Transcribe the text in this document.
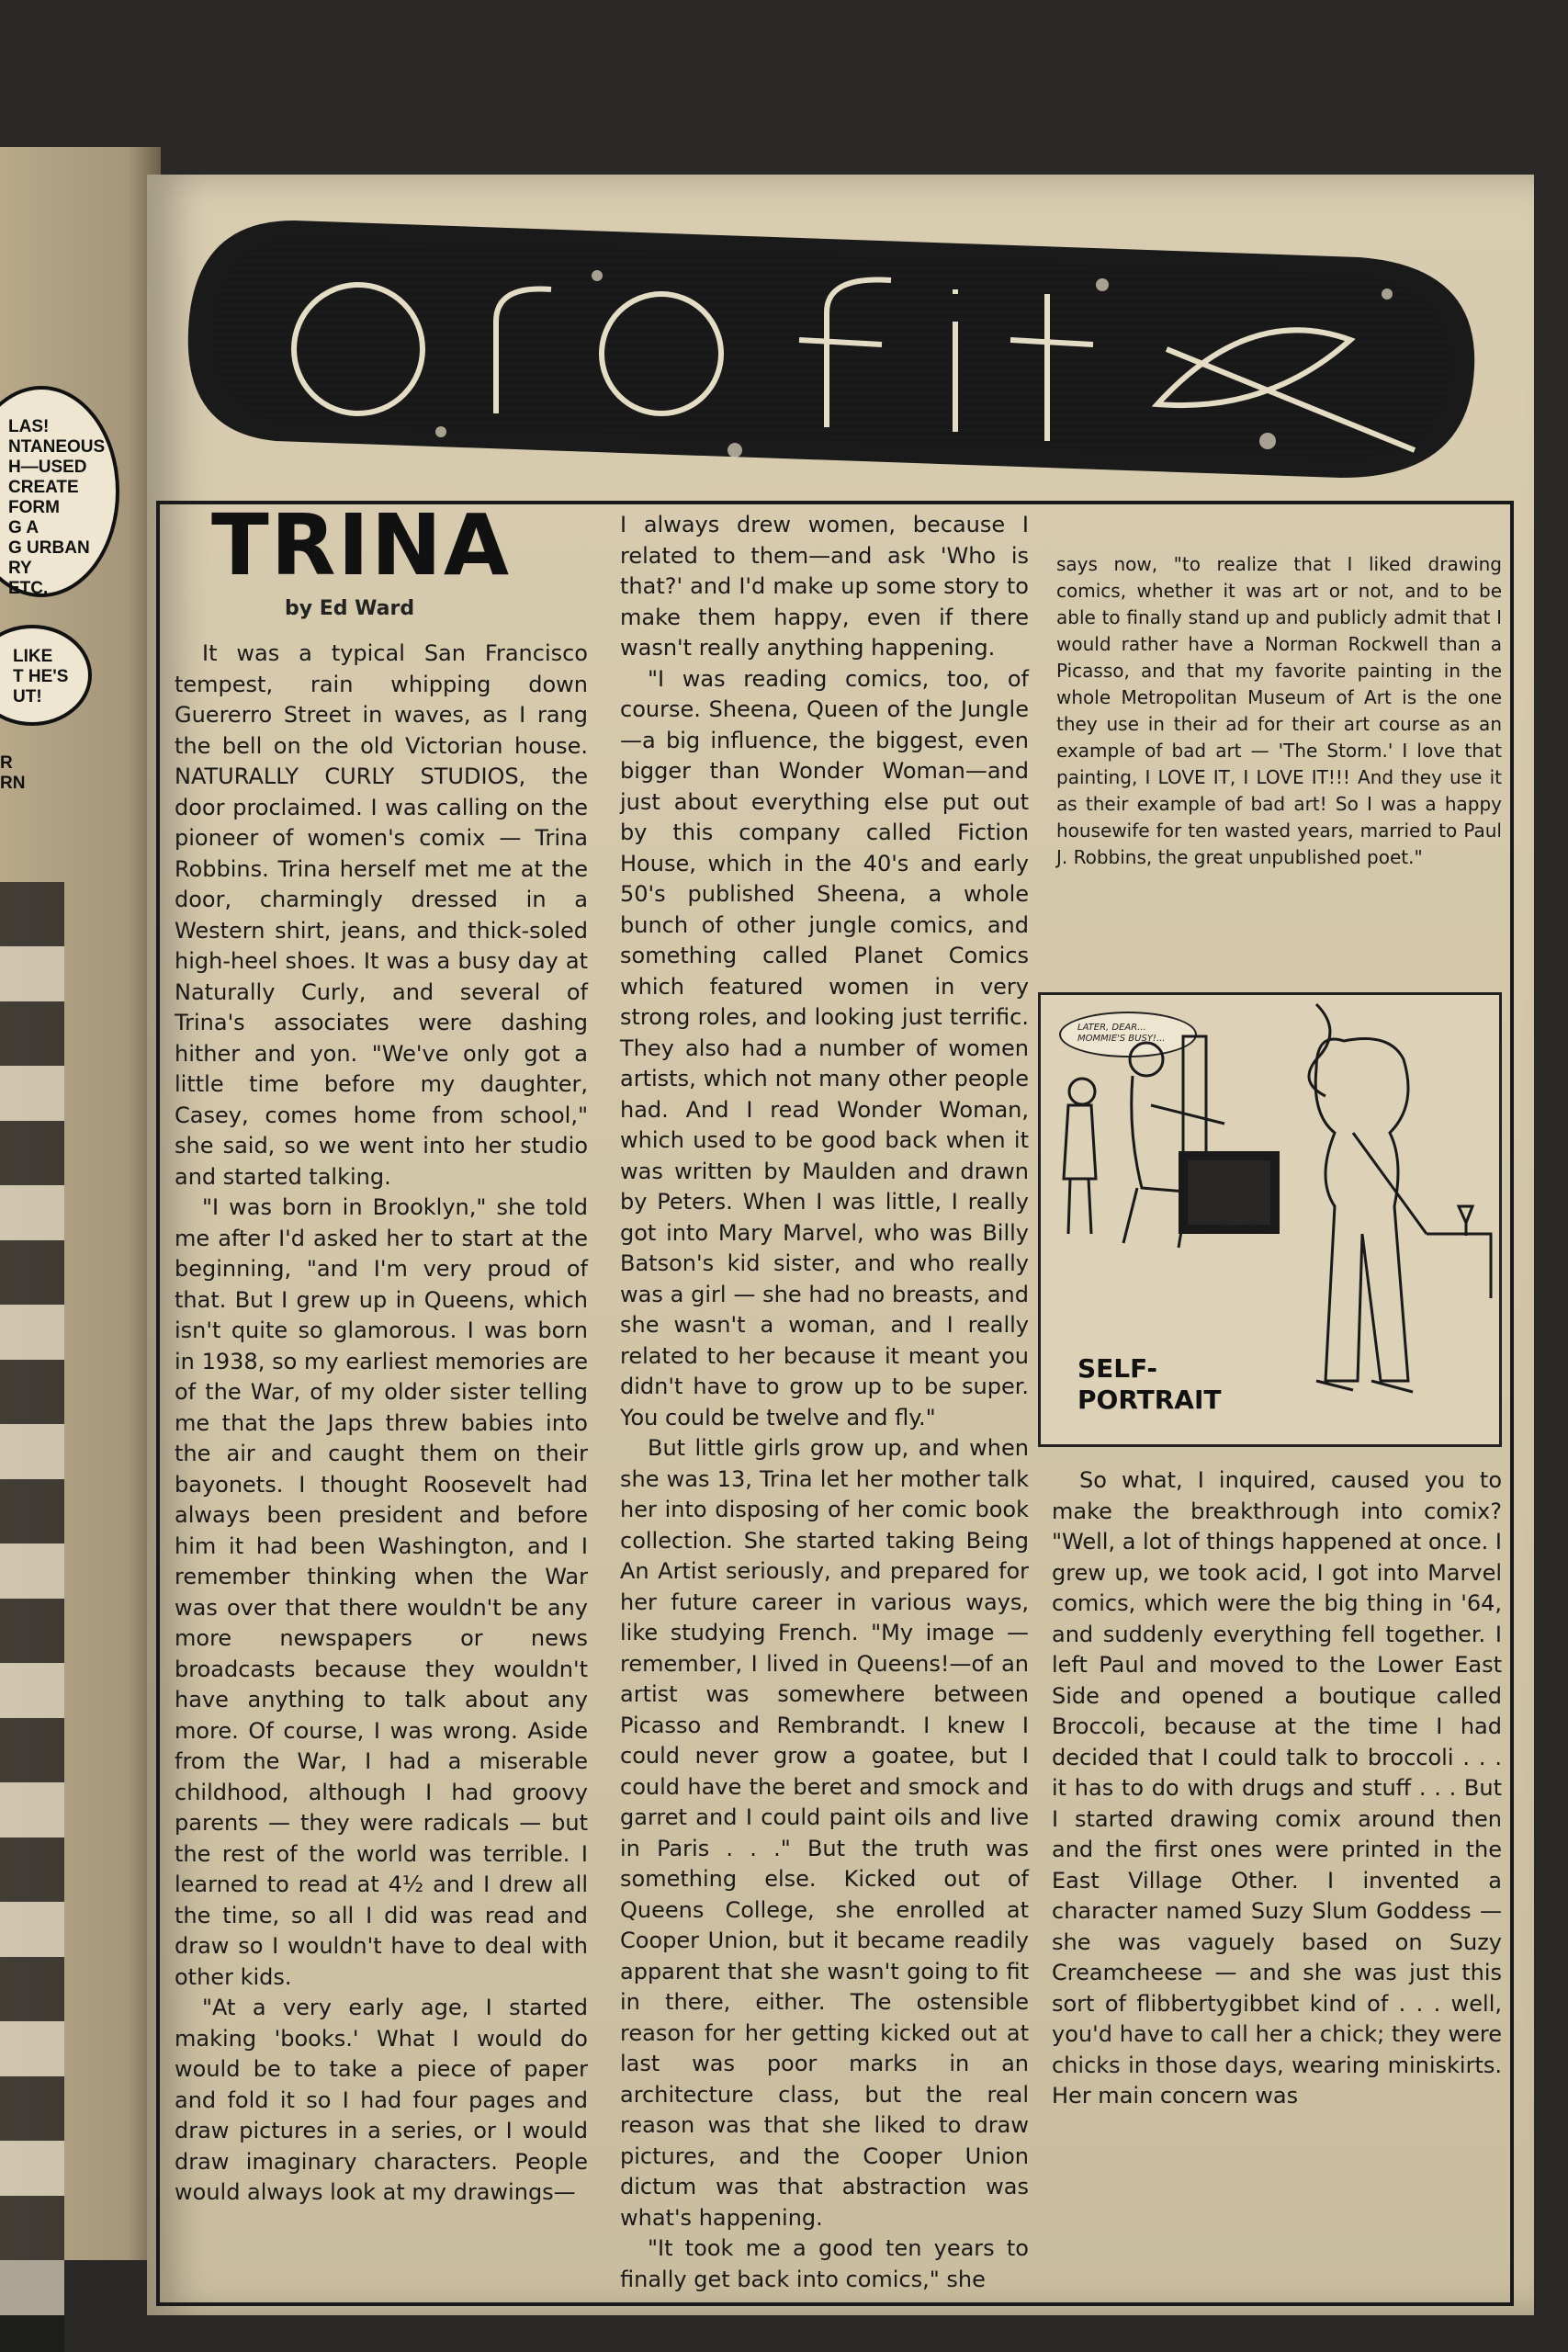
LAS!
NTANEOUS
H—USED
CREATE
FORM
G A
G URBAN
RY
ETC.
LIKE
T HE'S
UT!
R
RN
profile
TRINA
by Ed Ward

It was a typical San Francisco tempest, rain whipping down Guererro Street in waves, as I rang the bell on the old Victorian house. NATURALLY CURLY STUDIOS, the door proclaimed. I was calling on the pioneer of women's comix — Trina Robbins. Trina herself met me at the door, charmingly dressed in a Western shirt, jeans, and thick-soled high-heel shoes. It was a busy day at Naturally Curly, and several of Trina's associates were dashing hither and yon. "We've only got a little time before my daughter, Casey, comes home from school," she said, so we went into her studio and started talking.

"I was born in Brooklyn," she told me after I'd asked her to start at the beginning, "and I'm very proud of that. But I grew up in Queens, which isn't quite so glamorous. I was born in 1938, so my earliest memories are of the War, of my older sister telling me that the Japs threw babies into the air and caught them on their bayonets. I thought Roosevelt had always been president and before him it had been Washington, and I remember thinking when the War was over that there wouldn't be any more newspapers or news broadcasts because they wouldn't have anything to talk about any more. Of course, I was wrong. Aside from the War, I had a miserable childhood, although I had groovy parents — they were radicals — but the rest of the world was terrible. I learned to read at 4½ and I drew all the time, so all I did was read and draw so I wouldn't have to deal with other kids.

"At a very early age, I started making 'books.' What I would do would be to take a piece of paper and fold it so I had four pages and draw pictures in a series, or I would draw imaginary characters. People would always look at my drawings—

I always drew women, because I related to them—and ask 'Who is that?' and I'd make up some story to make them happy, even if there wasn't really anything happening.

"I was reading comics, too, of course. Sheena, Queen of the Jungle—a big influence, the biggest, even bigger than Wonder Woman—and just about everything else put out by this company called Fiction House, which in the 40's and early 50's published Sheena, a whole bunch of other jungle comics, and something called Planet Comics which featured women in very strong roles, and looking just terrific. They also had a number of women artists, which not many other people had. And I read Wonder Woman, which used to be good back when it was written by Maulden and drawn by Peters. When I was little, I really got into Mary Marvel, who was Billy Batson's kid sister, and who really was a girl — she had no breasts, and she wasn't a woman, and I really related to her because it meant you didn't have to grow up to be super. You could be twelve and fly."

But little girls grow up, and when she was 13, Trina let her mother talk her into disposing of her comic book collection. She started taking Being An Artist seriously, and prepared for her future career in various ways, like studying French. "My image —remember, I lived in Queens!—of an artist was somewhere between Picasso and Rembrandt. I knew I could never grow a goatee, but I could have the beret and smock and garret and I could paint oils and live in Paris . . ." But the truth was something else. Kicked out of Queens College, she enrolled at Cooper Union, but it became readily apparent that she wasn't going to fit in there, either. The ostensible reason for her getting kicked out at last was poor marks in an architecture class, but the real reason was that she liked to draw pictures, and the Cooper Union dictum was that abstraction was what's happening.

"It took me a good ten years to finally get back into comics," she

says now, "to realize that I liked drawing comics, whether it was art or not, and to be able to finally stand up and publicly admit that I would rather have a Norman Rockwell than a Picasso, and that my favorite painting in the whole Metropolitan Museum of Art is the one they use in their ad for their art course as an example of bad art — 'The Storm.' I love that painting, I LOVE IT, I LOVE IT!!! And they use it as their example of bad art! So I was a happy housewife for ten wasted years, married to Paul J. Robbins, the great unpublished poet."

LATER, DEAR... MOMMIE'S BUSY!...
© Trina 1975
SELF-
PORTRAIT

So what, I inquired, caused you to make the breakthrough into comix? "Well, a lot of things happened at once. I grew up, we took acid, I got into Marvel comics, which were the big thing in '64, and suddenly everything fell together. I left Paul and moved to the Lower East Side and opened a boutique called Broccoli, because at the time I had decided that I could talk to broccoli . . . it has to do with drugs and stuff . . . But I started drawing comix around then and the first ones were printed in the East Village Other. I invented a character named Suzy Slum Goddess — she was vaguely based on Suzy Creamcheese — and she was just this sort of flibbertygibbet kind of . . . well, you'd have to call her a chick; they were chicks in those days, wearing miniskirts. Her main concern was
